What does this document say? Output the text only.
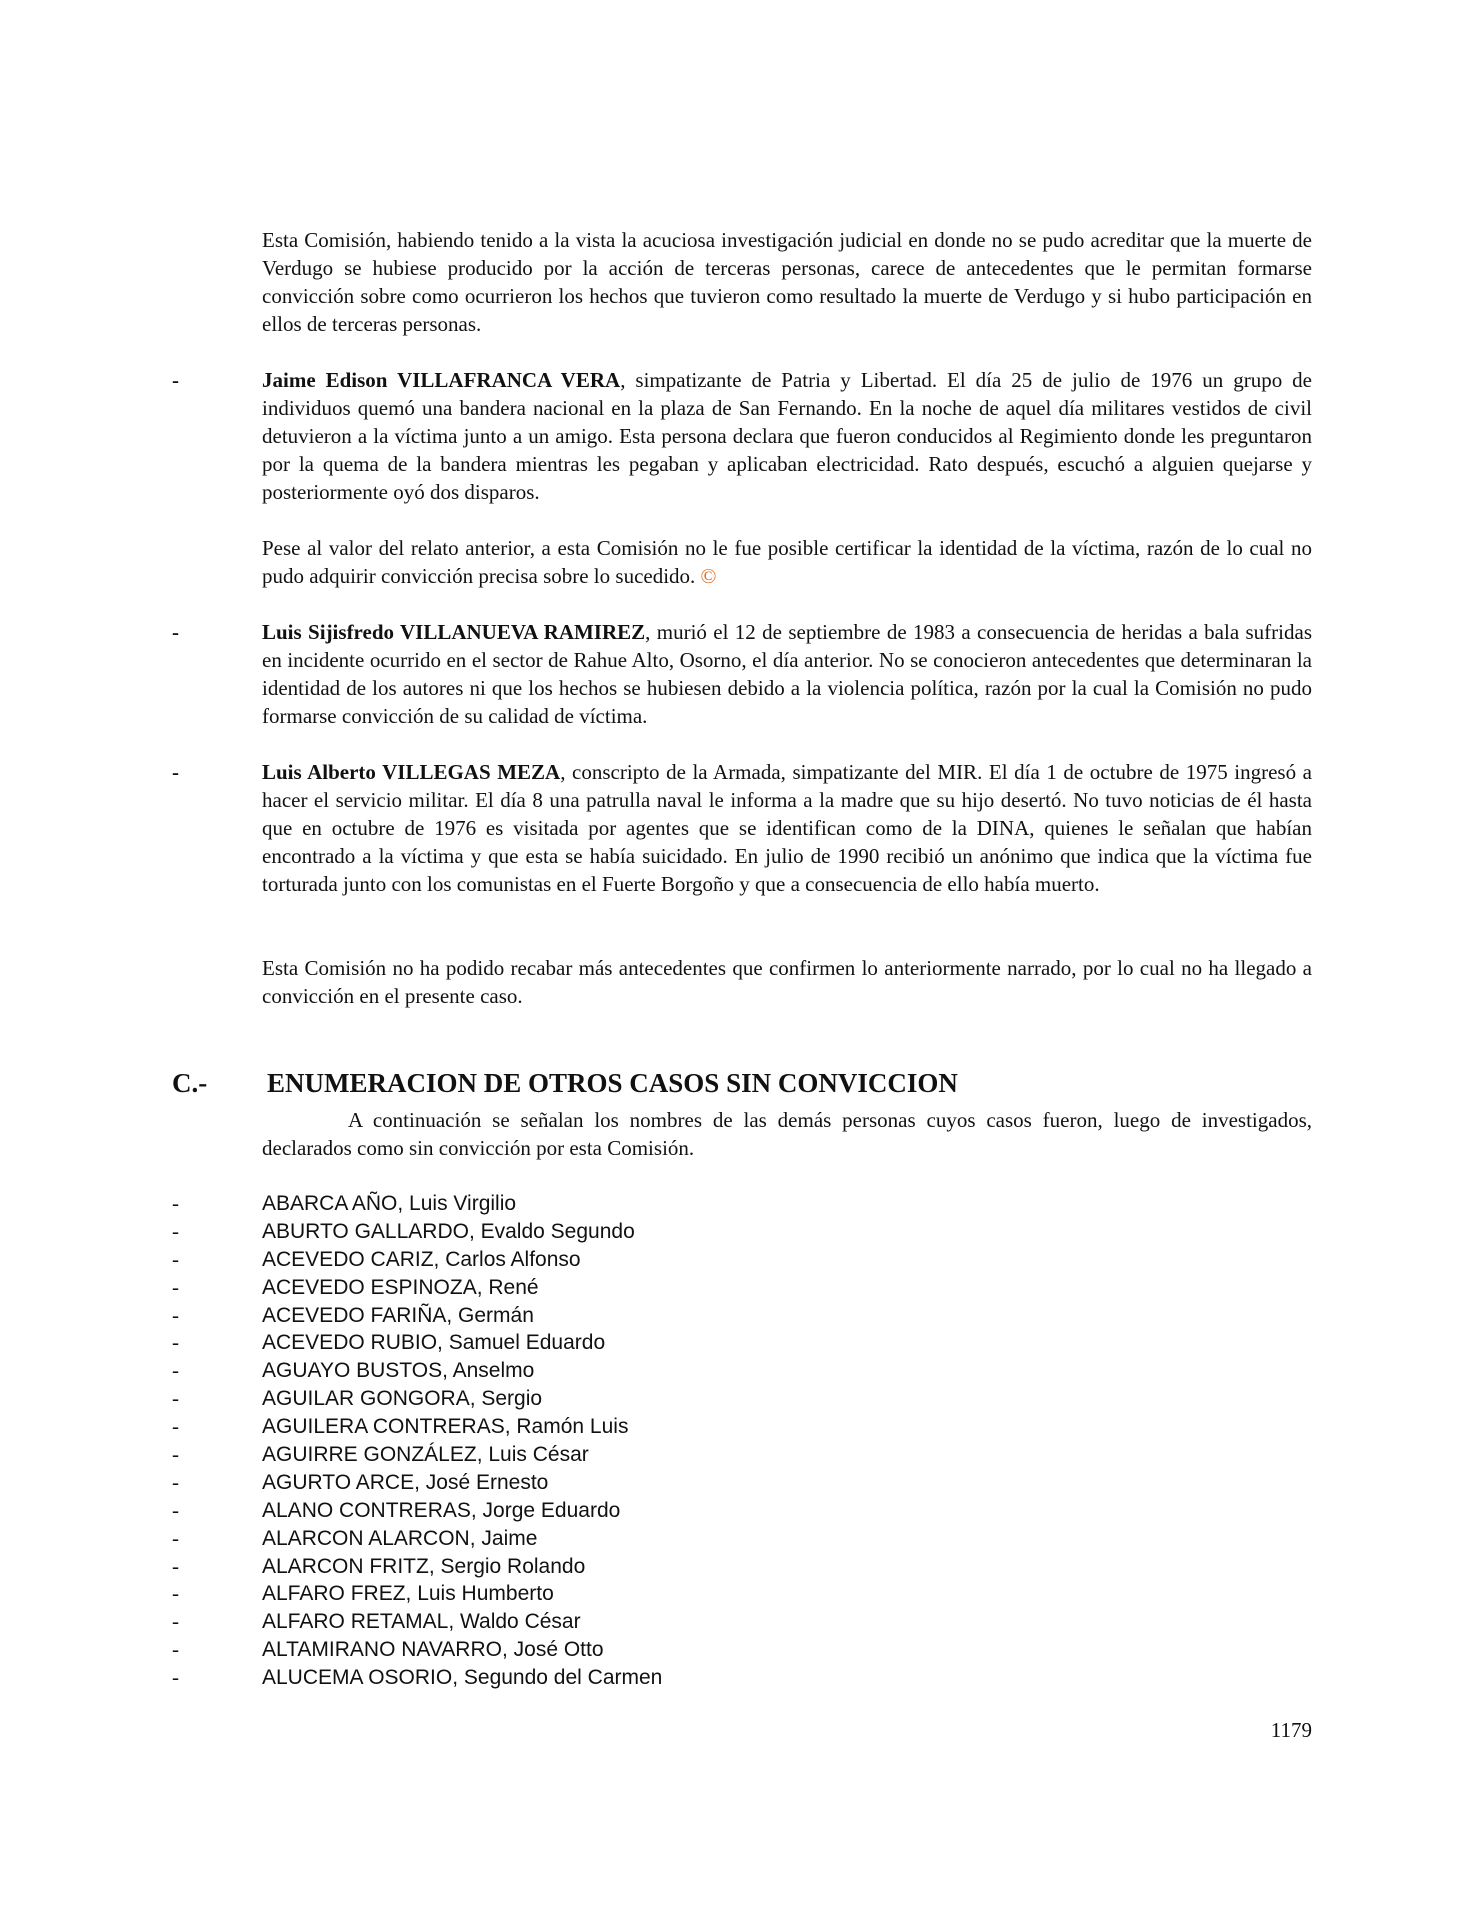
Esta Comisión, habiendo tenido a la vista la acuciosa investigación judicial en donde no se pudo acreditar que la muerte de Verdugo se hubiese producido por la acción de terceras personas, carece de antecedentes que le permitan formarse convicción sobre como ocurrieron los hechos que tuvieron como resultado la muerte de Verdugo y si hubo participación en ellos de terceras personas.

-	Jaime Edison VILLAFRANCA VERA, simpatizante de Patria y Libertad. El día 25 de julio de 1976 un grupo de individuos quemó una bandera nacional en la plaza de San Fernando. En la noche de aquel día militares vestidos de civil detuvieron a la víctima junto a un amigo. Esta persona declara que fueron conducidos al Regimiento donde les preguntaron por la quema de la bandera mientras les pegaban y aplicaban electricidad. Rato después, escuchó a alguien quejarse y posteriormente oyó dos disparos.

Pese al valor del relato anterior, a esta Comisión no le fue posible certificar la identidad de la víctima, razón de lo cual no pudo adquirir convicción precisa sobre lo sucedido. ©

-	Luis Sijisfredo VILLANUEVA RAMIREZ, murió el 12 de septiembre de 1983 a consecuencia de heridas a bala sufridas en incidente ocurrido en el sector de Rahue Alto, Osorno, el día anterior. No se conocieron antecedentes que determinaran la identidad de los autores ni que los hechos se hubiesen debido a la violencia política, razón por la cual la Comisión no pudo formarse convicción de su calidad de víctima.

-	Luis Alberto VILLEGAS MEZA, conscripto de la Armada, simpatizante del MIR. El día 1 de octubre de 1975 ingresó a hacer el servicio militar. El día 8 una patrulla naval le informa a la madre que su hijo desertó. No tuvo noticias de él hasta que en octubre de 1976 es visitada por agentes que se identifican como de la DINA, quienes le señalan que habían encontrado a la víctima y que esta se había suicidado. En julio de 1990 recibió un anónimo que indica que la víctima fue torturada junto con los comunistas en el Fuerte Borgoño y que a consecuencia de ello había muerto.

Esta Comisión no ha podido recabar más antecedentes que confirmen lo anteriormente narrado, por lo cual no ha llegado a convicción en el presente caso.

C.- ENUMERACION DE OTROS CASOS SIN CONVICCION

A continuación se señalan los nombres de las demás personas cuyos casos fueron, luego de investigados, declarados como sin convicción por esta Comisión.

-	ABARCA AÑO, Luis Virgilio
-	ABURTO GALLARDO, Evaldo Segundo
-	ACEVEDO CARIZ, Carlos Alfonso
-	ACEVEDO ESPINOZA, René
-	ACEVEDO FARIÑA, Germán
-	ACEVEDO RUBIO, Samuel Eduardo
-	AGUAYO BUSTOS, Anselmo
-	AGUILAR GONGORA, Sergio
-	AGUILERA CONTRERAS, Ramón Luis
-	AGUIRRE GONZÁLEZ, Luis César
-	AGURTO ARCE, José Ernesto
-	ALANO CONTRERAS, Jorge Eduardo
-	ALARCON ALARCON, Jaime
-	ALARCON FRITZ, Sergio Rolando
-	ALFARO FREZ, Luis Humberto
-	ALFARO RETAMAL, Waldo César
-	ALTAMIRANO NAVARRO, José Otto
-	ALUCEMA OSORIO, Segundo del Carmen

1179
